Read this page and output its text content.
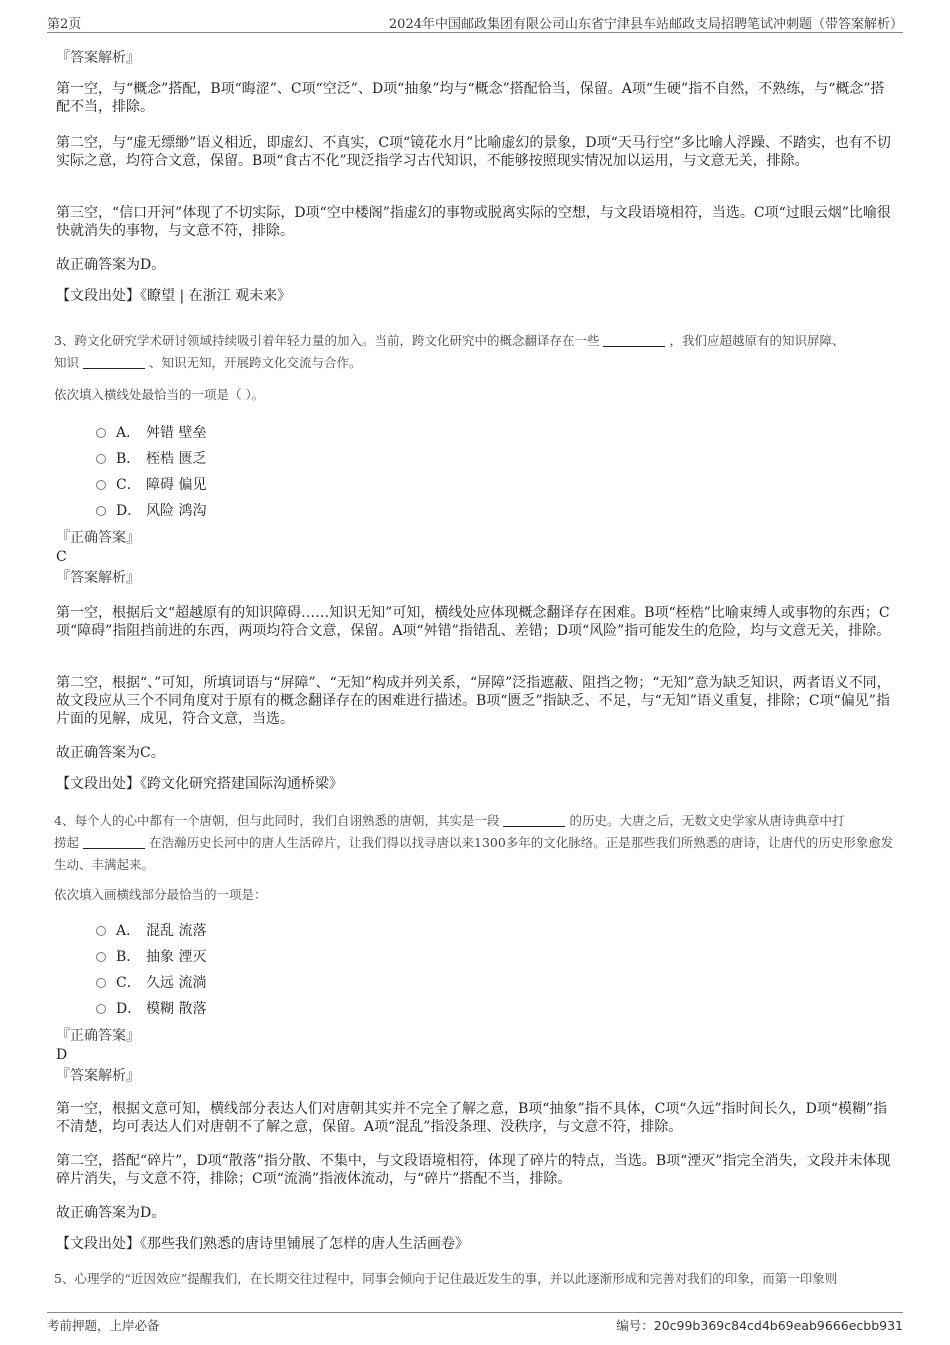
第2页	2024年中国邮政集团有限公司山东省宁津县车站邮政支局招聘笔试冲刺题（带答案解析）
『答案解析』

第一空，与“概念”搭配，B项“晦涩”、C项“空泛”、D项“抽象”均与“概念”搭配恰当，保留。A项“生硬”指不自然，不熟练，与“概念”搭配不当，排除。

第二空，与“虚无缥缈”语义相近，即虚幻、不真实，C项“镜花水月”比喻虚幻的景象，D项“天马行空”多比喻人浮躁、不踏实，也有不切实际之意，均符合文意，保留。B项“食古不化”现泛指学习古代知识，不能够按照现实情况加以运用，与文意无关，排除。

第三空，“信口开河”体现了不切实际，D项“空中楼阁”指虚幻的事物或脱离实际的空想，与文段语境相符，当选。C项“过眼云烟”比喻很快就消失的事物，与文意不符，排除。

故正确答案为D。

【文段出处】《瞭望 | 在浙江 观未来》
3、跨文化研究学术研讨领域持续吸引着年轻力量的加入。当前，跨文化研究中的概念翻译存在一些	，我们应超越原有的知识屏障、
知识	、知识无知，开展跨文化交流与合作。
依次填入横线处最恰当的一项是（ ）。
A． 舛错 壁垒
B． 桎梏 匮乏
C． 障碍 偏见
D． 风险 鸿沟
『正确答案』
C
『答案解析』

第一空，根据后文“超越原有的知识障碍……知识无知”可知，横线处应体现概念翻译存在困难。B项“桎梏”比喻束缚人或事物的东西；C项“障碍”指阻挡前进的东西，两项均符合文意，保留。A项“舛错”指错乱、差错；D项“风险”指可能发生的危险，均与文意无关，排除。

第二空，根据“、”可知，所填词语与“屏障”、“无知”构成并列关系，“屏障”泛指遮蔽、阻挡之物；“无知”意为缺乏知识，两者语义不同，故文段应从三个不同角度对于原有的概念翻译存在的困难进行描述。B项“匮乏”指缺乏、不足，与“无知”语义重复，排除；C项“偏见”指片面的见解，成见，符合文意，当选。

故正确答案为C。

【文段出处】《跨文化研究搭建国际沟通桥梁》
4、每个人的心中都有一个唐朝，但与此同时，我们自诩熟悉的唐朝，其实是一段	的历史。大唐之后，无数文史学家从唐诗典章中打
捞起	在浩瀚历史长河中的唐人生活碎片，让我们得以找寻唐以来1300多年的文化脉络。正是那些我们所熟悉的唐诗，让唐代的历史形象愈发生动、丰满起来。
依次填入画横线部分最恰当的一项是：
A． 混乱 流落
B． 抽象 湮灭
C． 久远 流淌
D． 模糊 散落
『正确答案』
D
『答案解析』

第一空，根据文意可知，横线部分表达人们对唐朝其实并不完全了解之意，B项“抽象”指不具体，C项“久远”指时间长久，D项“模糊”指不清楚，均可表达人们对唐朝不了解之意，保留。A项“混乱”指没条理、没秩序，与文意不符，排除。

第二空，搭配“碎片”，D项“散落”指分散、不集中，与文段语境相符，体现了碎片的特点，当选。B项“湮灭”指完全消失，文段并未体现碎片消失，与文意不符，排除；C项“流淌”指液体流动，与“碎片”搭配不当，排除。

故正确答案为D。

【文段出处】《那些我们熟悉的唐诗里铺展了怎样的唐人生活画卷》
5、心理学的“近因效应”提醒我们，在长期交往过程中，同事会倾向于记住最近发生的事，并以此逐渐形成和完善对我们的印象，而第一印象则
考前押题，上岸必备	编号：20c99b369c84cd4b69eab9666ecbb931
